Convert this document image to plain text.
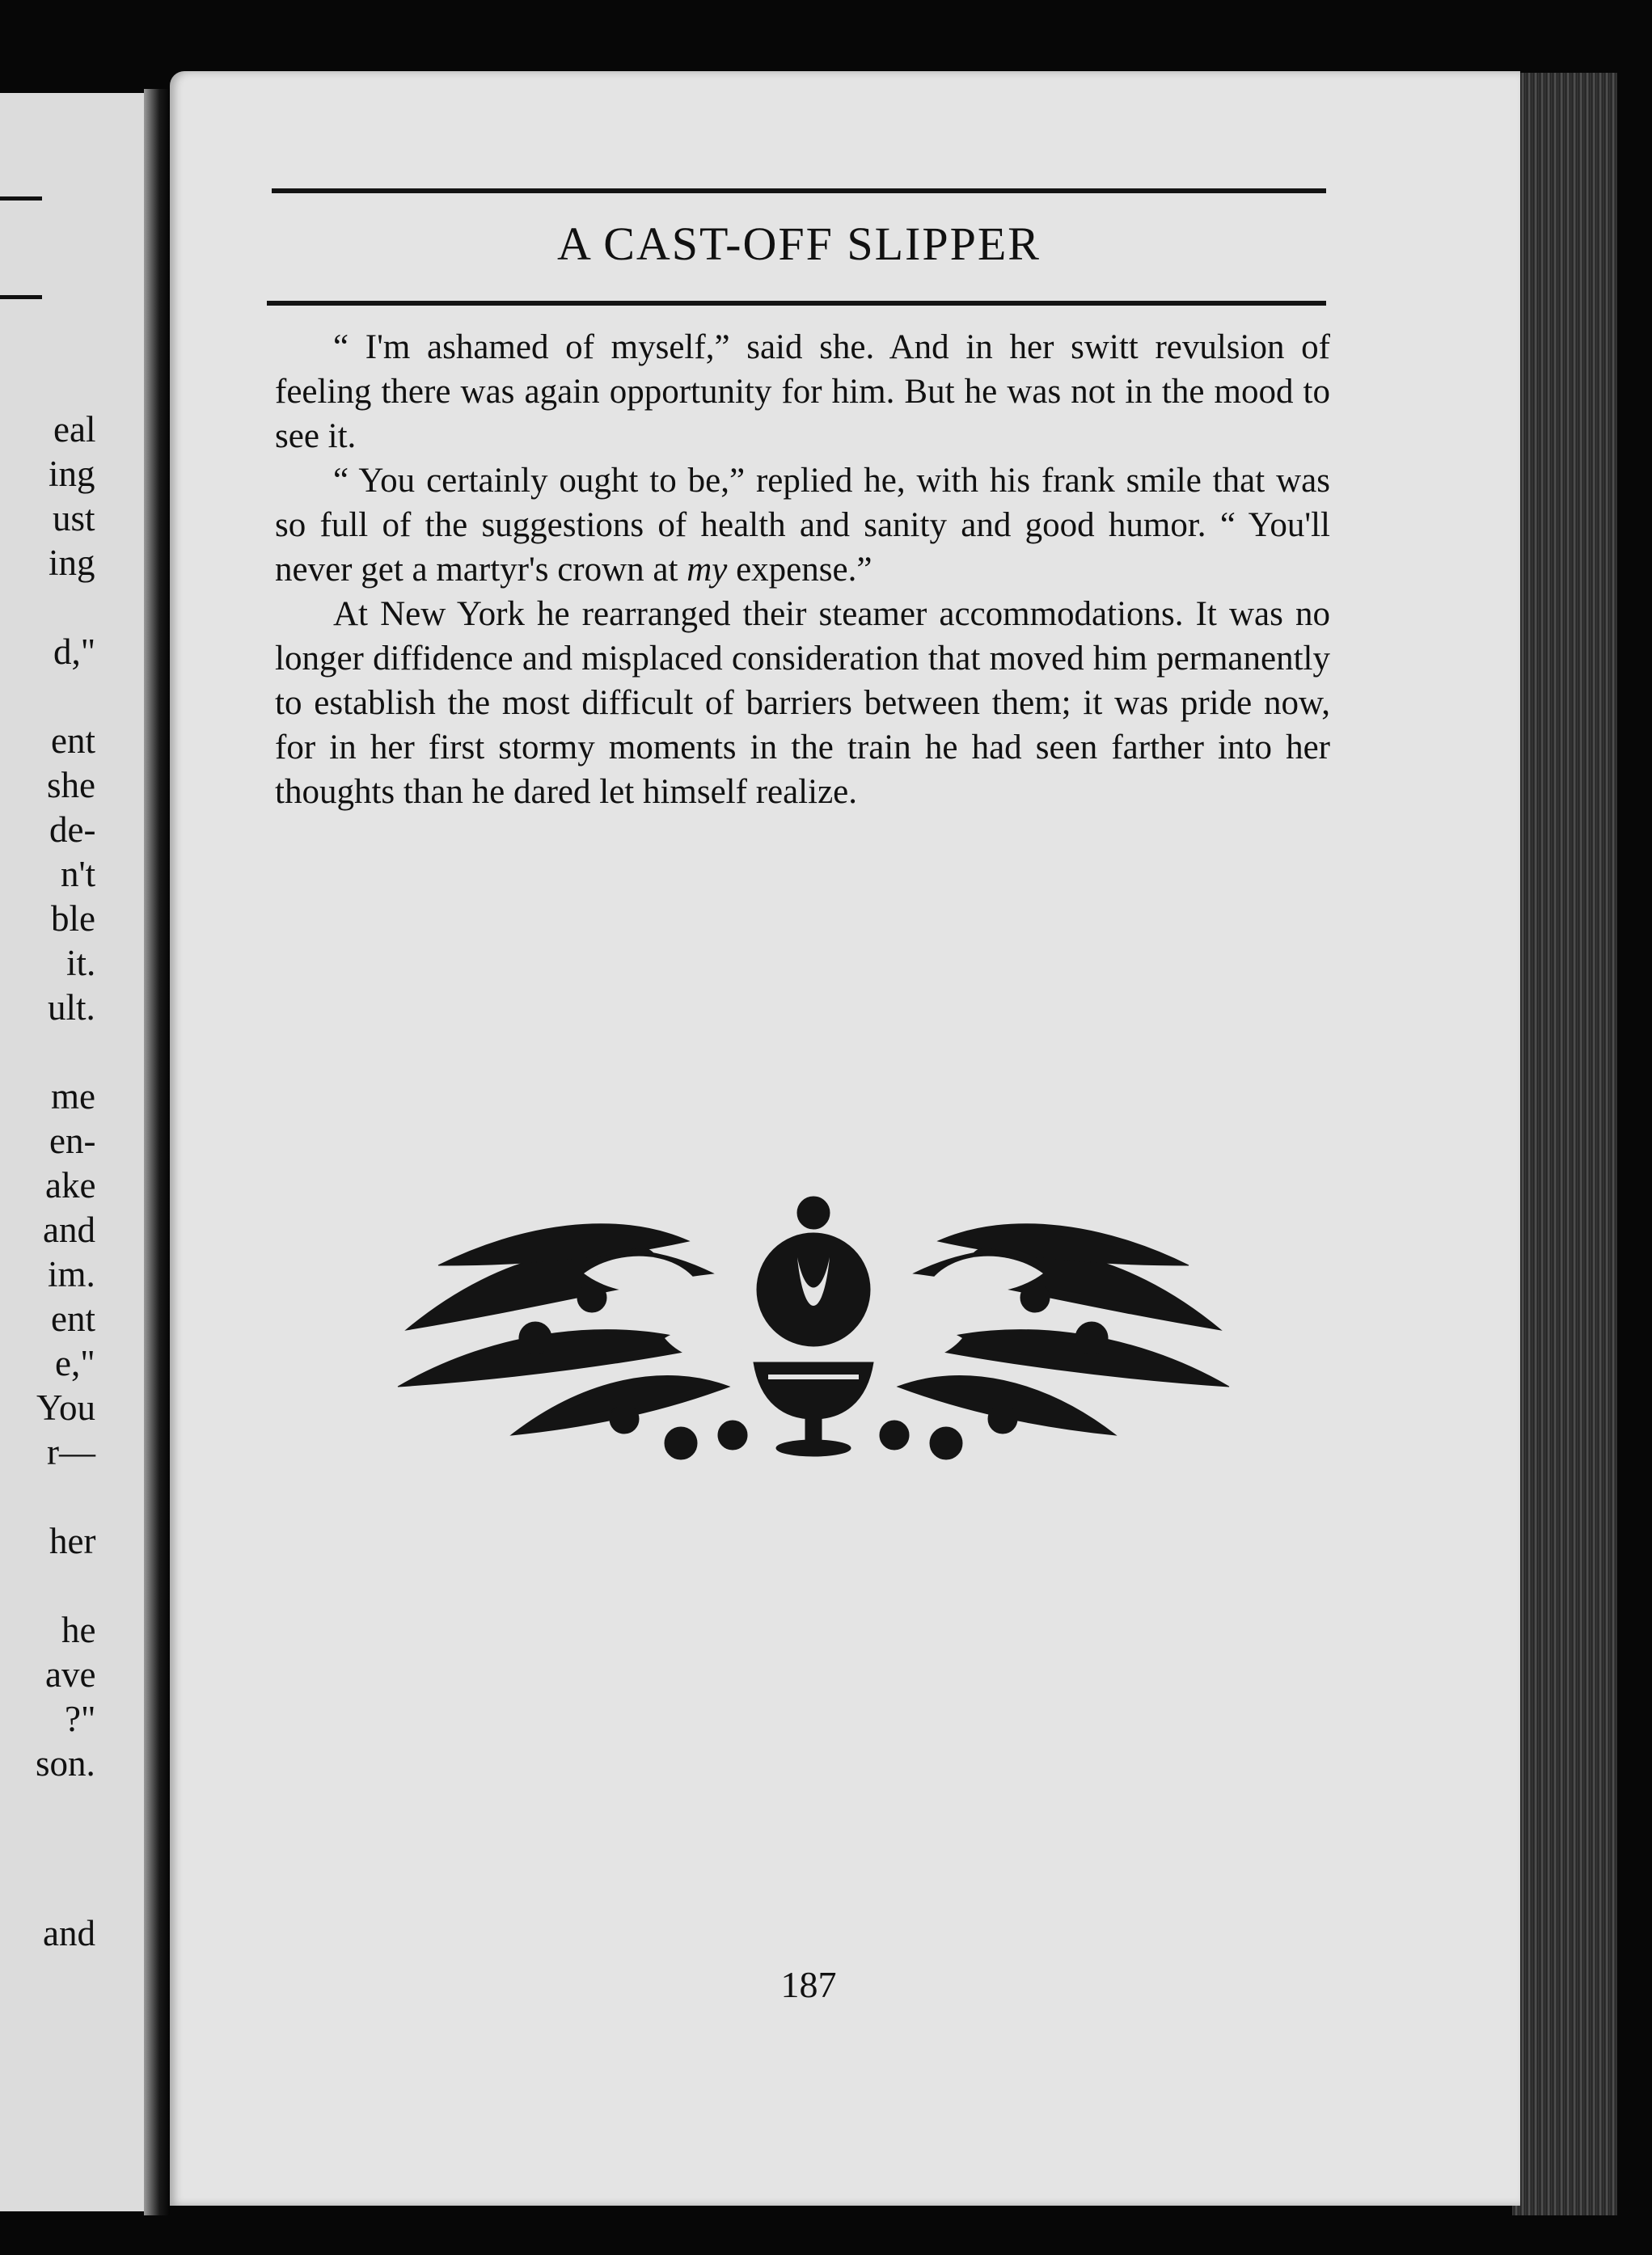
eal
ing
ust
ing
d,"
ent
she
de-
n't
ble
it.
ult.
me
en-
ake
and
im.
ent
e,"
You
r—
her
he
ave
?"
son.
and
A CAST-OFF SLIPPER

“ I'm ashamed of myself,” said she. And in her switt revulsion of feeling there was again opportunity for him. But he was not in the mood to see it.

“ You certainly ought to be,” replied he, with his frank smile that was so full of the suggestions of health and sanity and good humor. “ You'll never get a martyr's crown at my expense.”

At New York he rearranged their steamer accommodations. It was no longer diffidence and misplaced consideration that moved him permanently to establish the most difficult of barriers between them; it was pride now, for in her first stormy moments in the train he had seen farther into her thoughts than he dared let himself realize.

187
